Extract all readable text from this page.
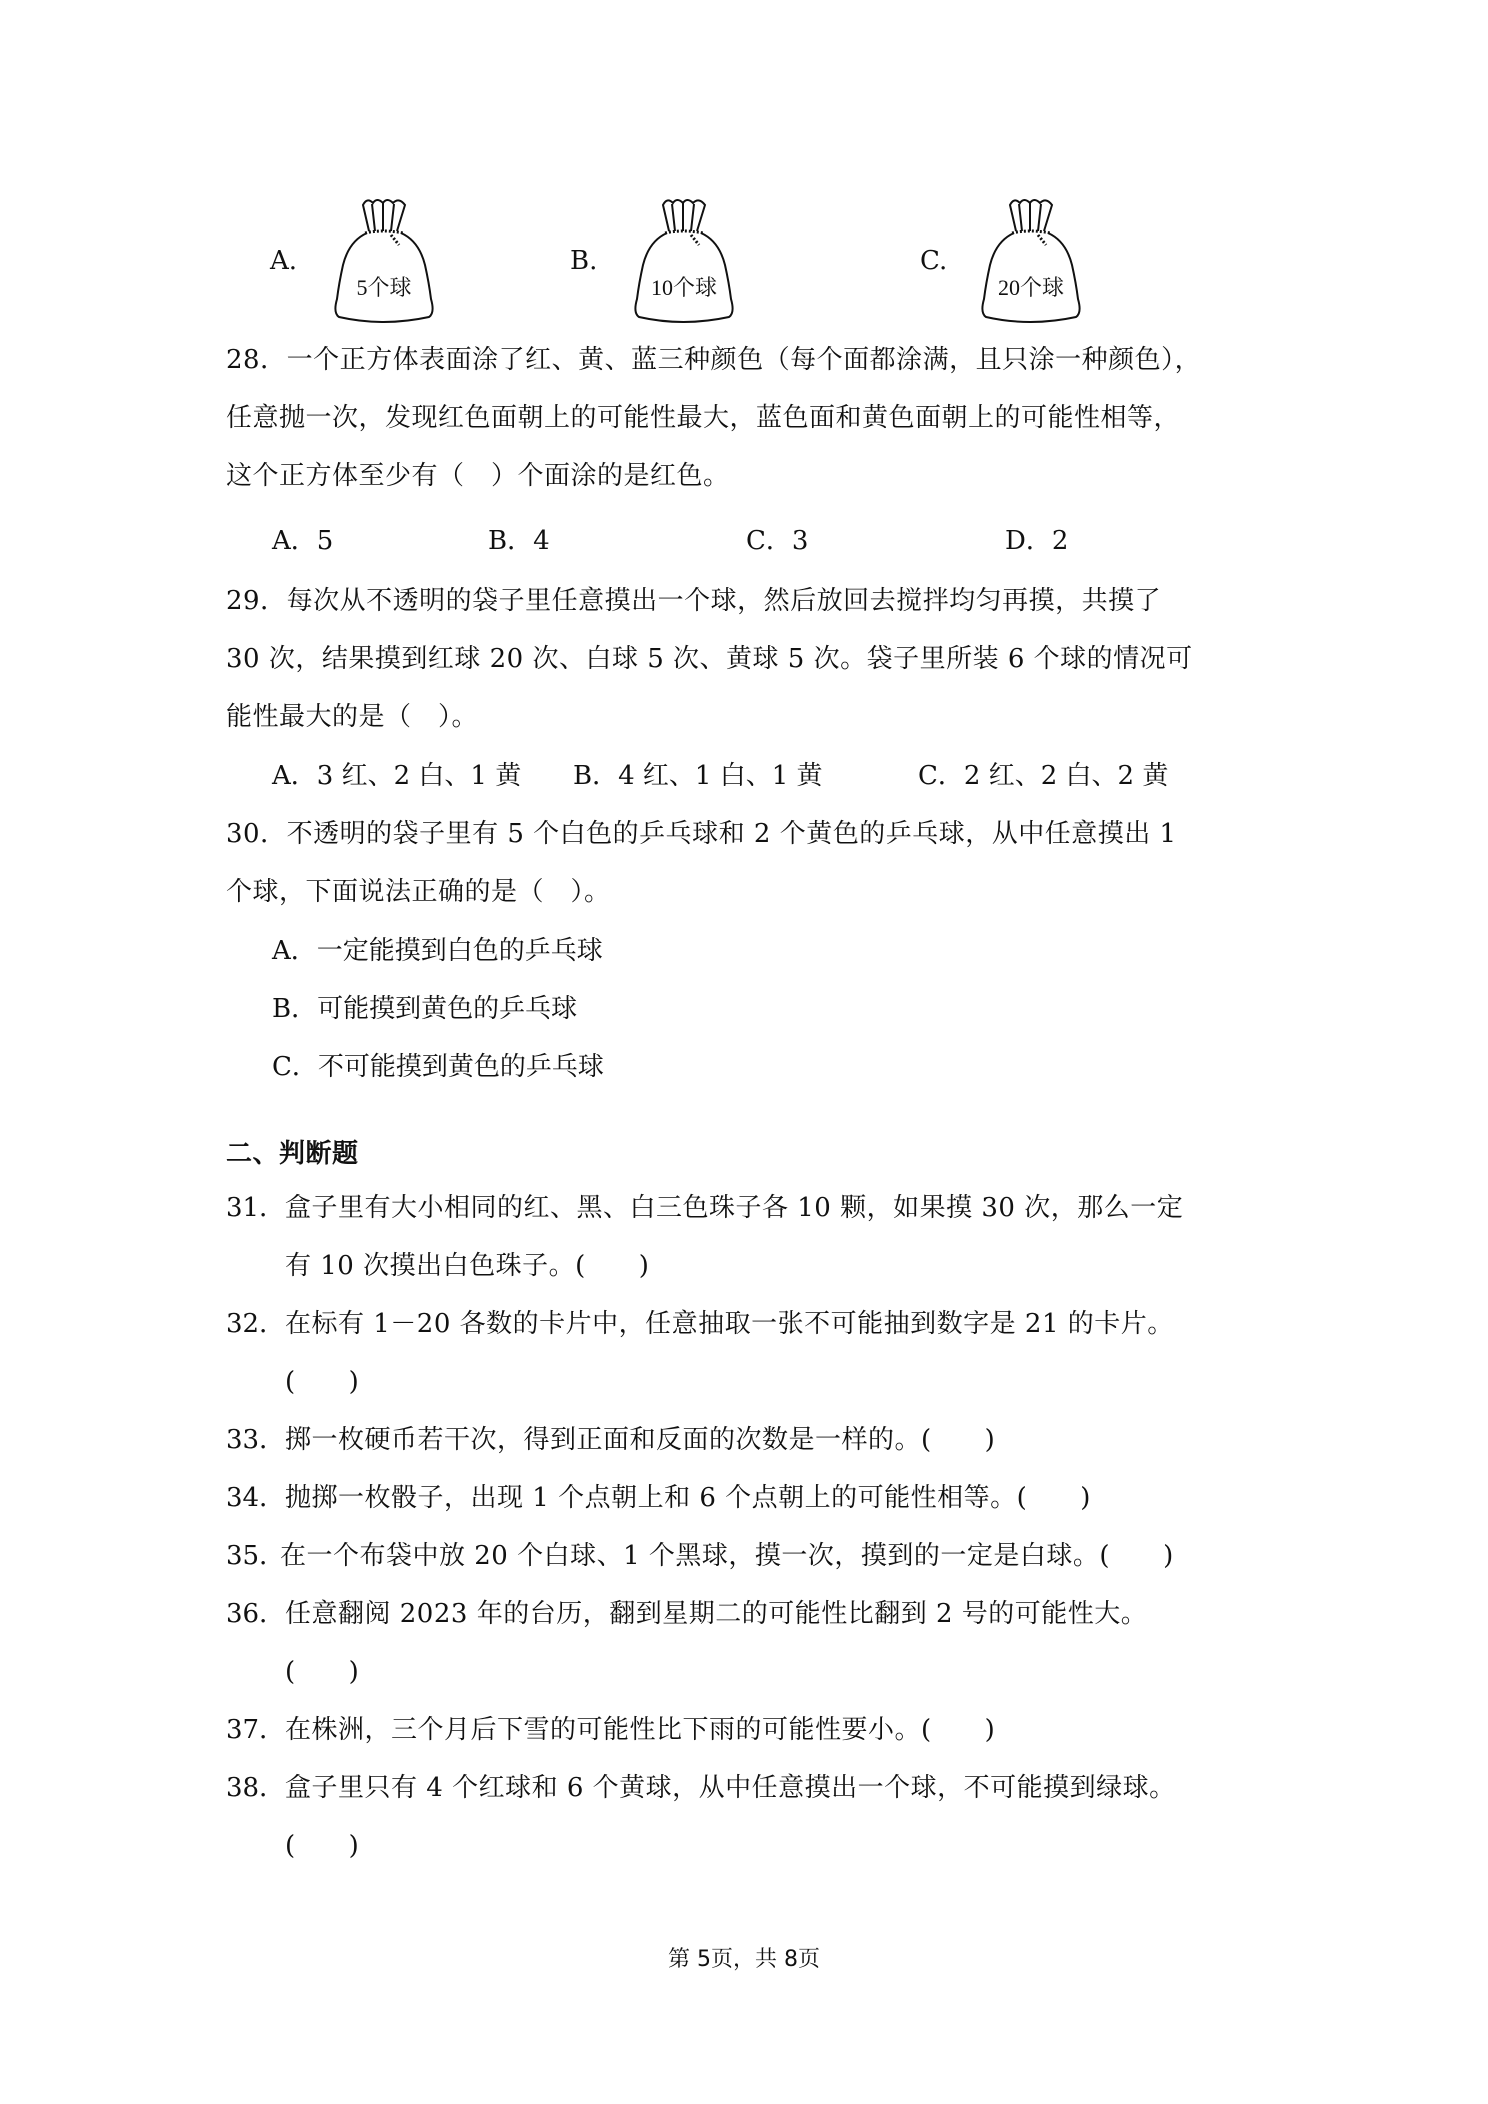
A.
5个球
B.
10个球
C.
20个球
28．一个正方体表面涂了红、黄、蓝三种颜色（每个面都涂满，且只涂一种颜色），
任意抛一次，发现红色面朝上的可能性最大，蓝色面和黄色面朝上的可能性相等，
这个正方体至少有（　）个面涂的是红色。
A．5	B．4	C．3	D．2
29．每次从不透明的袋子里任意摸出一个球，然后放回去搅拌均匀再摸，共摸了
30 次，结果摸到红球 20 次、白球 5 次、黄球 5 次。袋子里所装 6 个球的情况可
能性最大的是（　）。
A．3 红、2 白、1 黄 B．4 红、1 白、1 黄	C．2 红、2 白、2 黄
30．不透明的袋子里有 5 个白色的乒乓球和 2 个黄色的乒乓球，从中任意摸出 1
个球，下面说法正确的是（　）。
A．一定能摸到白色的乒乓球
B．可能摸到黄色的乒乓球
C．不可能摸到黄色的乒乓球
二、判断题
31． 盒子里有大小相同的红、黑、白三色珠子各 10 颗，如果摸 30 次，那么一定
有 10 次摸出白色珠子。(　　)
32． 在标有 1－20 各数的卡片中，任意抽取一张不可能抽到数字是 21 的卡片。
(　　)
33． 掷一枚硬币若干次，得到正面和反面的次数是一样的。(　　)
34． 抛掷一枚骰子，出现 1 个点朝上和 6 个点朝上的可能性相等。(　　)
35．
在一个布袋中放 20 个白球、1 个黑球，摸一次，摸到的一定是白球。(　　)
36． 任意翻阅 2023 年的台历，翻到星期二的可能性比翻到 2 号的可能性大。
(　　)
37． 在株洲，三个月后下雪的可能性比下雨的可能性要小。(　　)
38． 盒子里只有 4 个红球和 6 个黄球，从中任意摸出一个球，不可能摸到绿球。
(　　)
第 5页，共 8页
